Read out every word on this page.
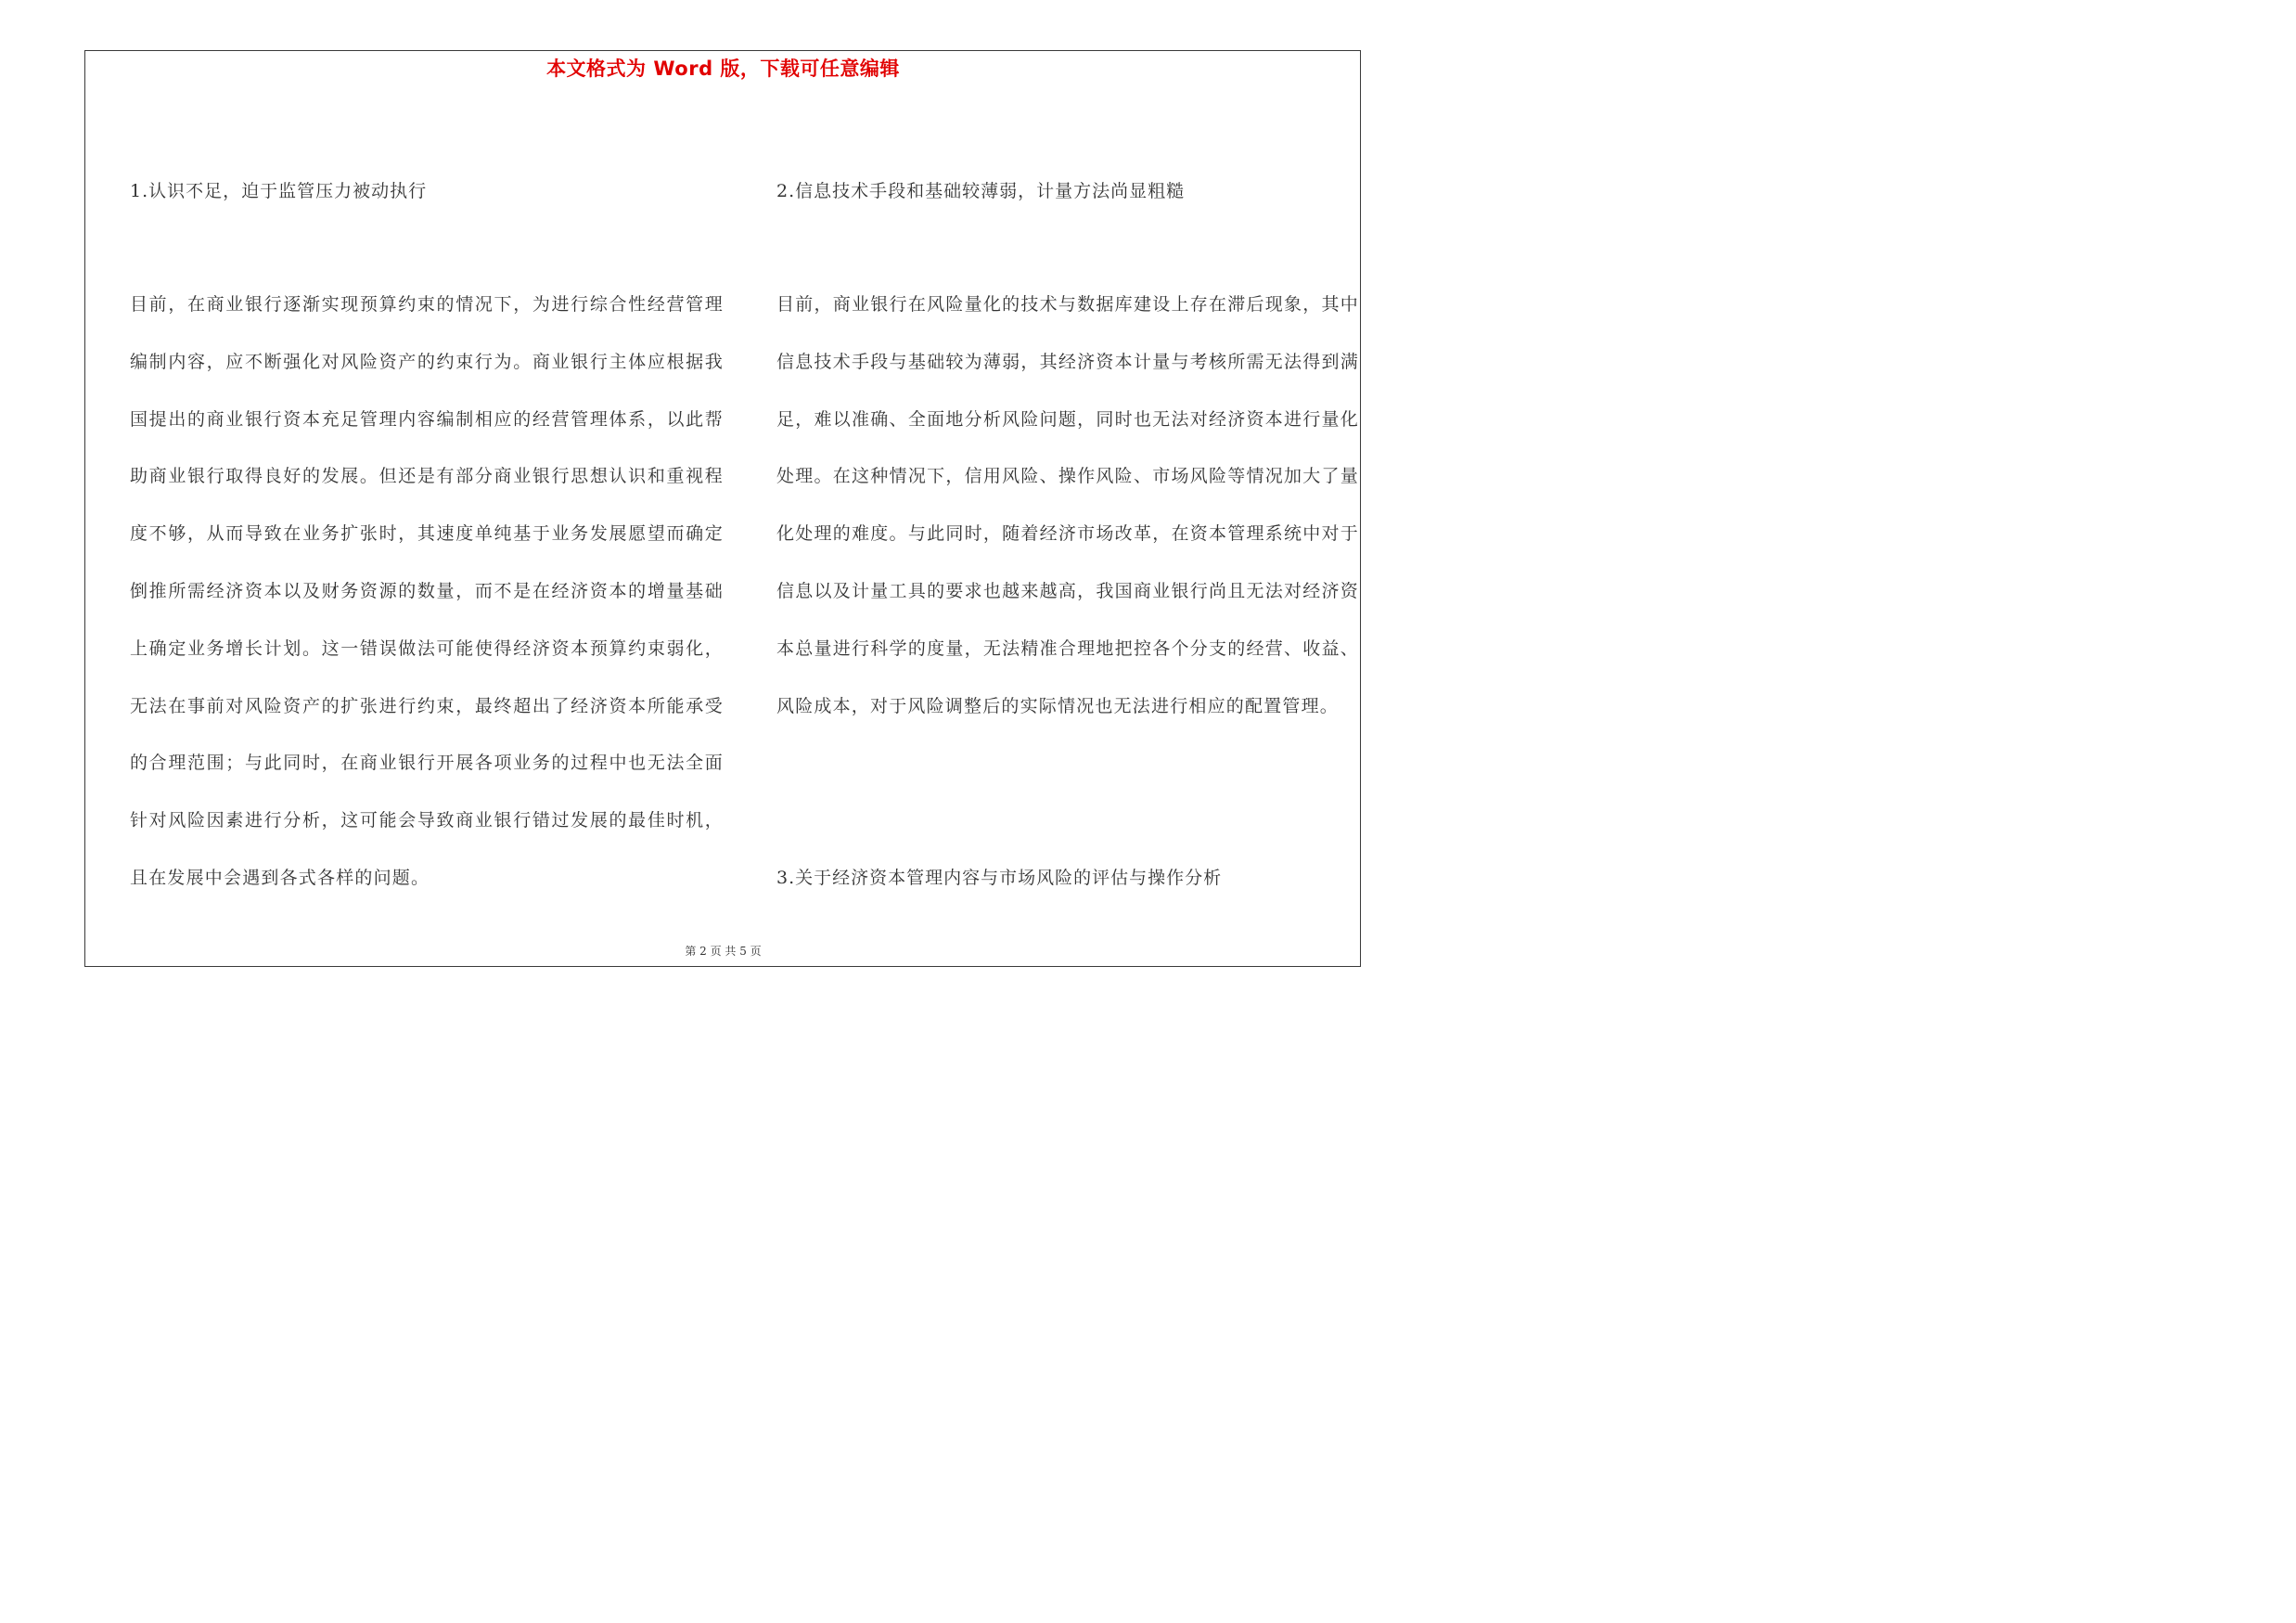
本文格式为 Word 版，下载可任意编辑
1.认识不足，迫于监管压力被动执行

目前，在商业银行逐渐实现预算约束的情况下，为进行综合性经营管理编制内容，应不断强化对风险资产的约束行为。商业银行主体应根据我国提出的商业银行资本充足管理内容编制相应的经营管理体系，以此帮助商业银行取得良好的发展。但还是有部分商业银行思想认识和重视程度不够，从而导致在业务扩张时，其速度单纯基于业务发展愿望而确定倒推所需经济资本以及财务资源的数量，而不是在经济资本的增量基础上确定业务增长计划。这一错误做法可能使得经济资本预算约束弱化，无法在事前对风险资产的扩张进行约束，最终超出了经济资本所能承受的合理范围；与此同时，在商业银行开展各项业务的过程中也无法全面针对风险因素进行分析，这可能会导致商业银行错过发展的最佳时机，且在发展中会遇到各式各样的问题。

2.信息技术手段和基础较薄弱，计量方法尚显粗糙

目前，商业银行在风险量化的技术与数据库建设上存在滞后现象，其中信息技术手段与基础较为薄弱，其经济资本计量与考核所需无法得到满足，难以准确、全面地分析风险问题，同时也无法对经济资本进行量化处理。在这种情况下，信用风险、操作风险、市场风险等情况加大了量化处理的难度。与此同时，随着经济市场改革，在资本管理系统中对于信息以及计量工具的要求也越来越高，我国商业银行尚且无法对经济资本总量进行科学的度量，无法精准合理地把控各个分支的经营、收益、风险成本，对于风险调整后的实际情况也无法进行相应的配置管理。

3.关于经济资本管理内容与市场风险的评估与操作分析
第 2 页 共 5 页
